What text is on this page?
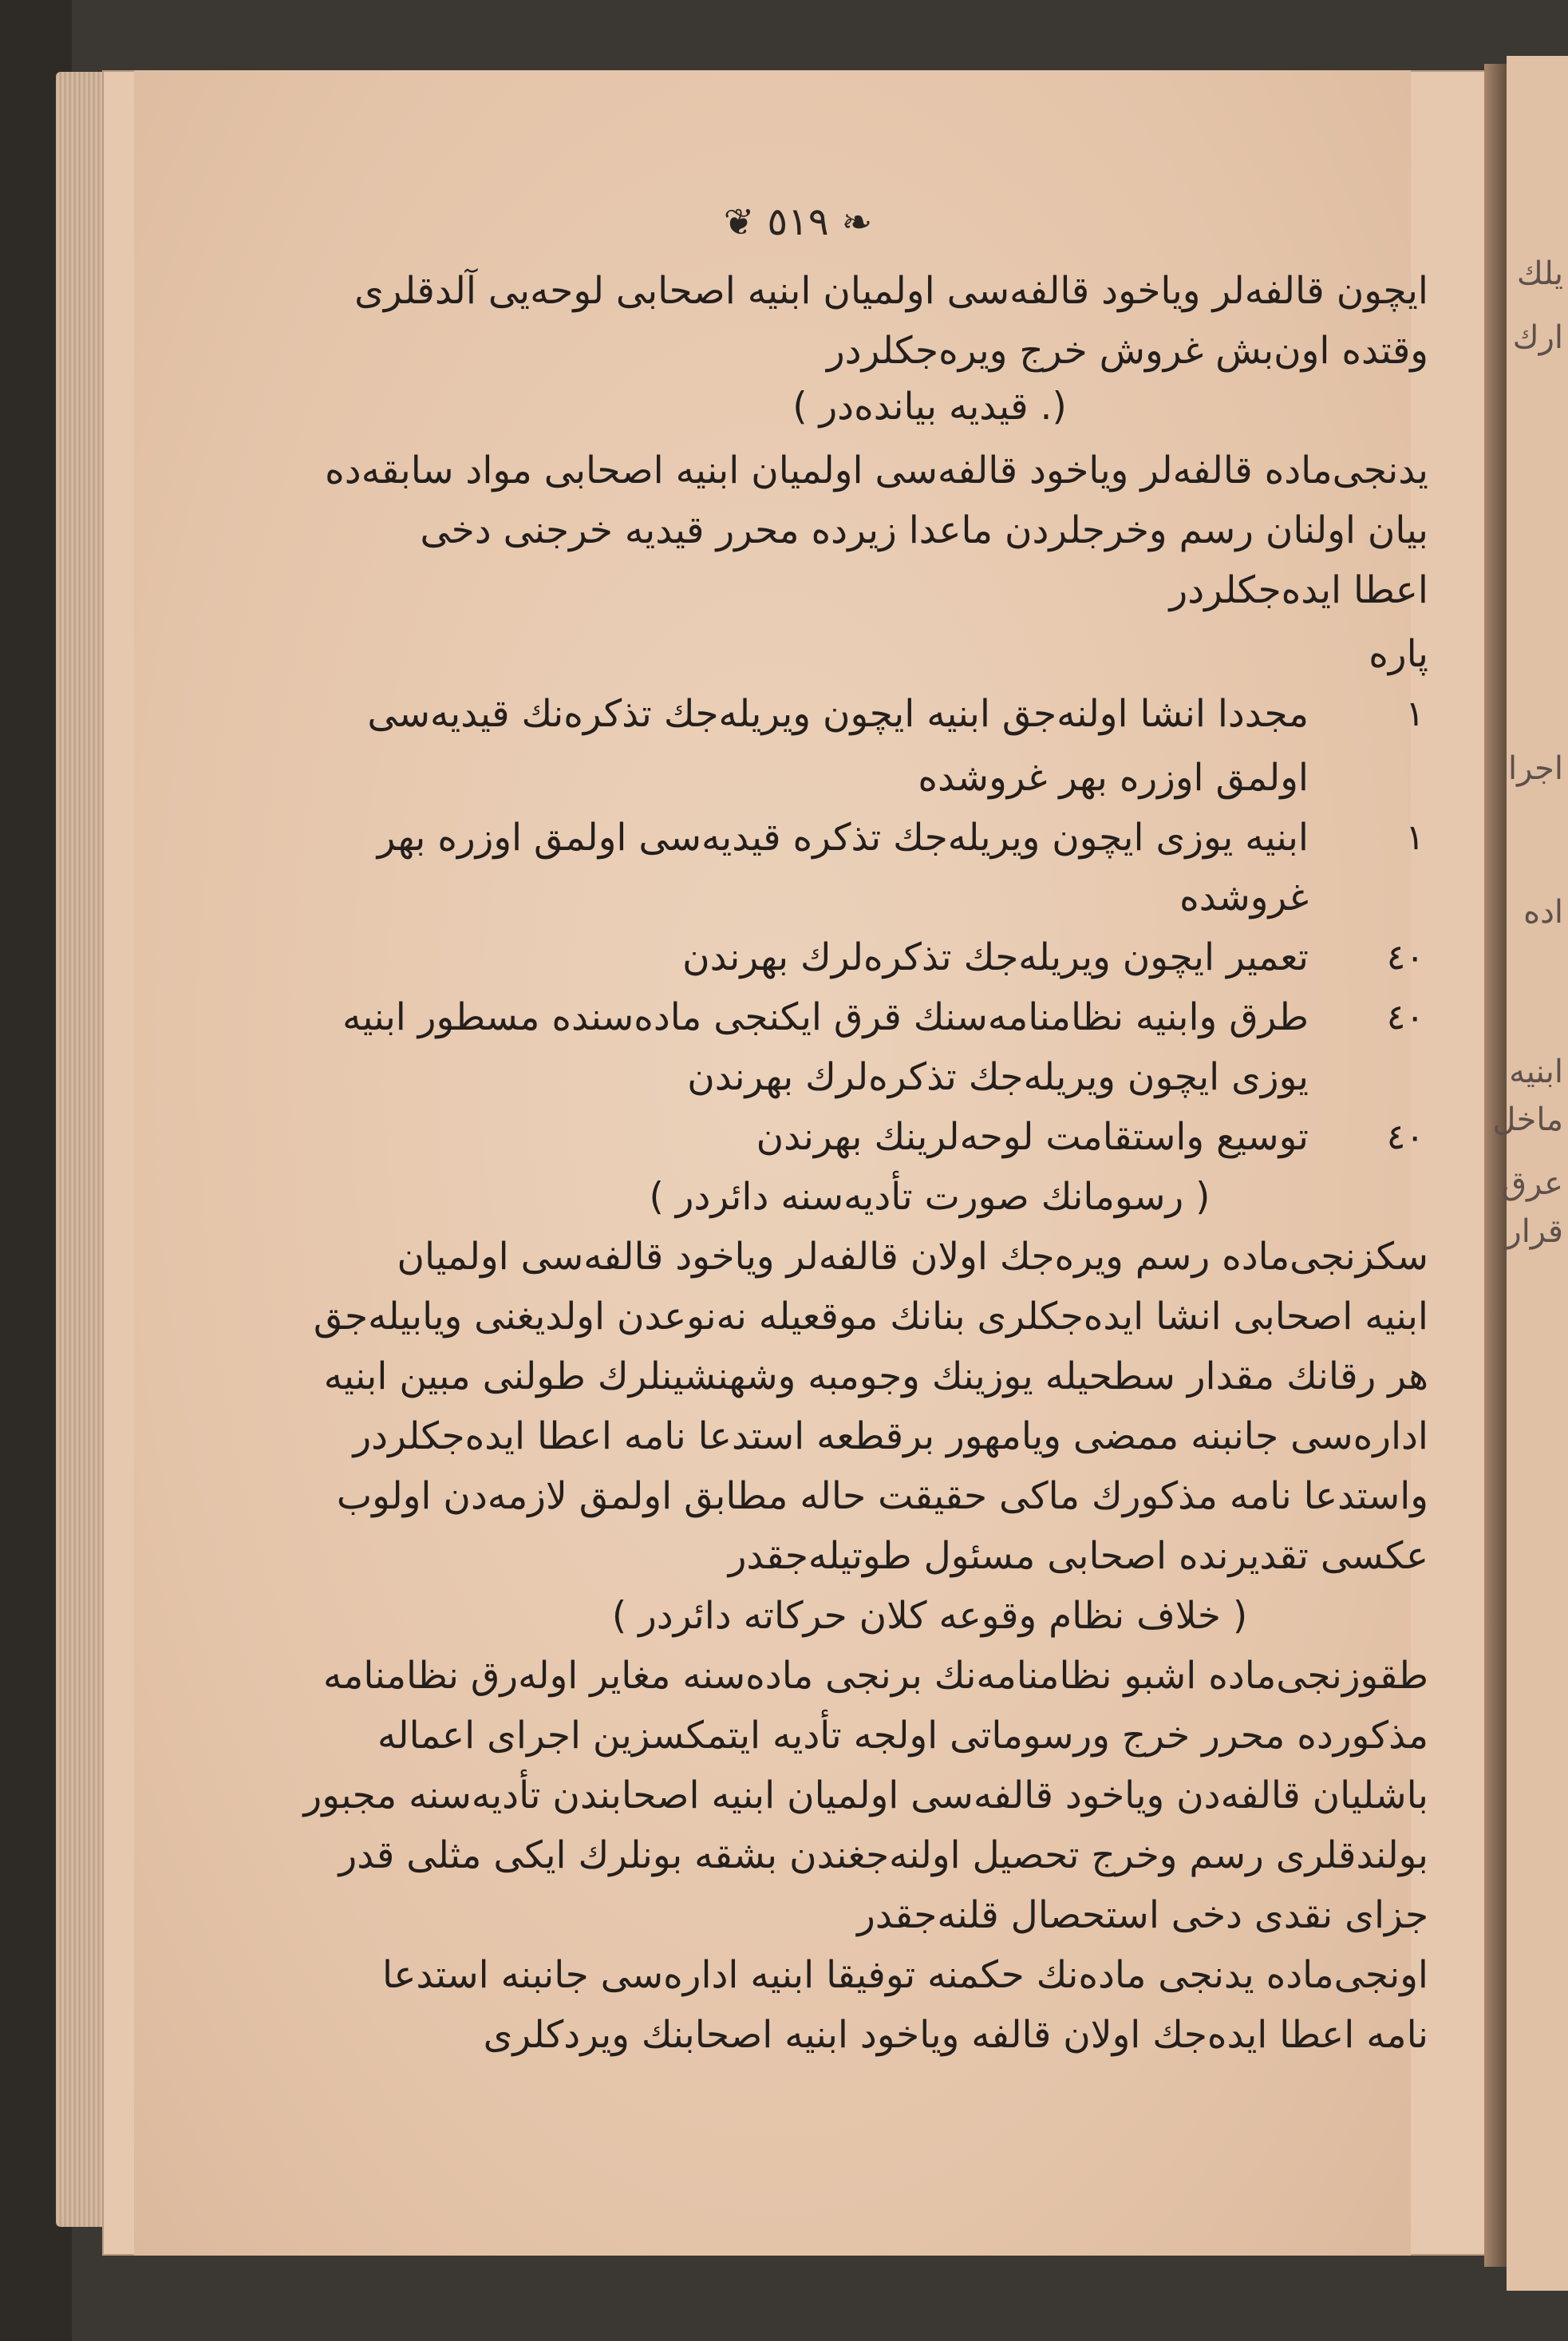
يلك
ارك
اجرا
اده
ابنيه
ماخل
عرق
قرار
❦ ٥١٩ ❧
ایچون قالفه‌لر وياخود قالفه‌سى اولميان ابنيه اصحابى لوحه‌يى آلدقلرى
وقتده اون‌بش غروش خرج ويره‌جكلردر
(. قيديه بيانده‌در )
يدنجى‌ماده قالفه‌لر وياخود قالفه‌سى اولميان ابنيه اصحابى مواد سابقه‌ده
بيان اولنان رسم وخرجلردن ماعدا زيرده محرر قيديه خرجنى دخى
اعطا ايده‌جكلردر
پاره
١
مجددا انشا اولنه‌جق ابنيه ايچون ويريله‌جك تذكره‌نك قيديه‌سى
اولمق اوزره بهر غروشده
١
ابنيه يوزى ايچون ويريله‌جك تذكره قيديه‌سى اولمق اوزره بهر
غروشده
٤٠
تعمير ايچون ويريله‌جك تذكره‌لرك بهرندن
٤٠
طرق وابنيه نظامنامه‌سنك قرق ايكنجى ماده‌سنده مسطور ابنيه
يوزى ايچون ويريله‌جك تذكره‌لرك بهرندن
٤٠
توسيع واستقامت لوحه‌لرينك بهرندن
( رسومانك صورت تأديه‌سنه دائردر )
سكزنجى‌ماده رسم ويره‌جك اولان قالفه‌لر وياخود قالفه‌سى اولميان
ابنيه اصحابى انشا ايده‌جكلرى بنانك موقعيله نه‌نوعدن اولديغنى ويابيله‌جق
هر رقانك مقدار سطحيله يوزينك وجومبه وشهنشينلرك طولنى مبين ابنيه
اداره‌سى جانبنه ممضى ويامهور برقطعه استدعا نامه اعطا ايده‌جكلردر
واستدعا نامه مذكورك ماكى حقيقت حاله مطابق اولمق لازمه‌دن اولوب
عكسى تقديرنده اصحابى مسئول طوتيله‌جقدر
( خلاف نظام وقوعه كلان حركاته دائردر )
طقوزنجى‌ماده اشبو نظامنامه‌نك برنجى ماده‌سنه مغاير اوله‌رق نظامنامه
مذكورده محرر خرج ورسوماتى اولجه تأديه ايتمكسزين اجراى اعماله
باشليان قالفه‌دن وياخود قالفه‌سى اولميان ابنيه اصحابندن تأديه‌سنه مجبور
بولندقلرى رسم وخرج تحصيل اولنه‌جغندن بشقه بونلرك ايكى مثلى قدر
جزاى نقدى دخى استحصال قلنه‌جقدر
اونجى‌ماده يدنجى ماده‌نك حكمنه توفيقا ابنيه اداره‌سى جانبنه استدعا
نامه اعطا ايده‌جك اولان قالفه وياخود ابنيه اصحابنك ويردكلرى
